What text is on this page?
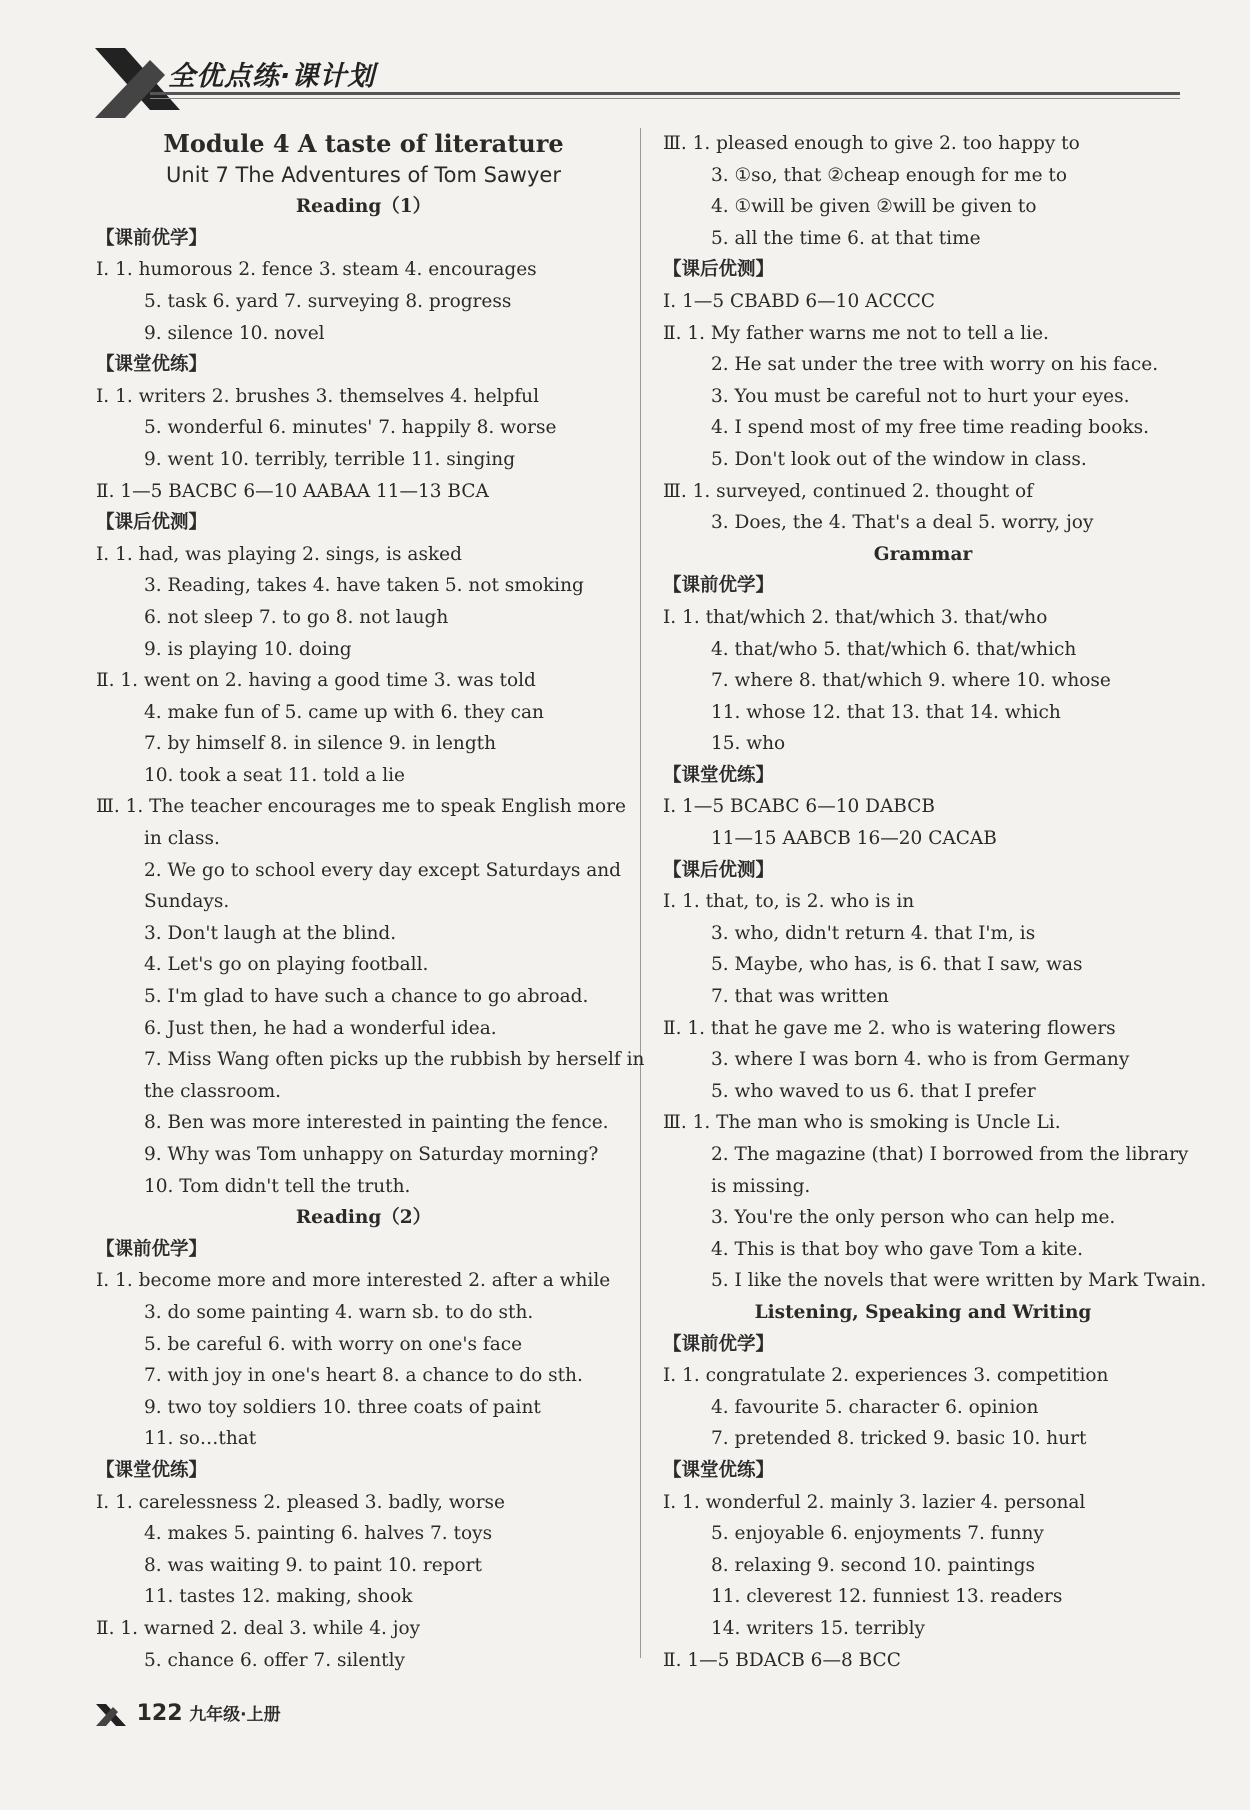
全优点练·课计划
Module 4 A taste of literature
Unit 7 The Adventures of Tom Sawyer
Reading（1）
【课前优学】
Ⅰ. 1. humorous 2. fence 3. steam 4. encourages
5. task 6. yard 7. surveying 8. progress
9. silence 10. novel
【课堂优练】
Ⅰ. 1. writers 2. brushes 3. themselves 4. helpful
5. wonderful 6. minutes' 7. happily 8. worse
9. went 10. terribly, terrible 11. singing
Ⅱ. 1—5 BACBC 6—10 AABAA 11—13 BCA
【课后优测】
Ⅰ. 1. had, was playing 2. sings, is asked
3. Reading, takes 4. have taken 5. not smoking
6. not sleep 7. to go 8. not laugh
9. is playing 10. doing
Ⅱ. 1. went on 2. having a good time 3. was told
4. make fun of 5. came up with 6. they can
7. by himself 8. in silence 9. in length
10. took a seat 11. told a lie
Ⅲ. 1. The teacher encourages me to speak English more
in class.
2. We go to school every day except Saturdays and
Sundays.
3. Don't laugh at the blind.
4. Let's go on playing football.
5. I'm glad to have such a chance to go abroad.
6. Just then, he had a wonderful idea.
7. Miss Wang often picks up the rubbish by herself in
the classroom.
8. Ben was more interested in painting the fence.
9. Why was Tom unhappy on Saturday morning?
10. Tom didn't tell the truth.
Reading（2）
【课前优学】
Ⅰ. 1. become more and more interested 2. after a while
3. do some painting 4. warn sb. to do sth.
5. be careful 6. with worry on one's face
7. with joy in one's heart 8. a chance to do sth.
9. two toy soldiers 10. three coats of paint
11. so…that
【课堂优练】
Ⅰ. 1. carelessness 2. pleased 3. badly, worse
4. makes 5. painting 6. halves 7. toys
8. was waiting 9. to paint 10. report
11. tastes 12. making, shook
Ⅱ. 1. warned 2. deal 3. while 4. joy
5. chance 6. offer 7. silently
Ⅲ. 1. pleased enough to give 2. too happy to
3. ①so, that ②cheap enough for me to
4. ①will be given ②will be given to
5. all the time 6. at that time
【课后优测】
Ⅰ. 1—5 CBABD 6—10 ACCCC
Ⅱ. 1. My father warns me not to tell a lie.
2. He sat under the tree with worry on his face.
3. You must be careful not to hurt your eyes.
4. I spend most of my free time reading books.
5. Don't look out of the window in class.
Ⅲ. 1. surveyed, continued 2. thought of
3. Does, the 4. That's a deal 5. worry, joy
Grammar
【课前优学】
Ⅰ. 1. that/which 2. that/which 3. that/who
4. that/who 5. that/which 6. that/which
7. where 8. that/which 9. where 10. whose
11. whose 12. that 13. that 14. which
15. who
【课堂优练】
Ⅰ. 1—5 BCABC 6—10 DABCB
11—15 AABCB 16—20 CACAB
【课后优测】
Ⅰ. 1. that, to, is 2. who is in
3. who, didn't return 4. that I'm, is
5. Maybe, who has, is 6. that I saw, was
7. that was written
Ⅱ. 1. that he gave me 2. who is watering flowers
3. where I was born 4. who is from Germany
5. who waved to us 6. that I prefer
Ⅲ. 1. The man who is smoking is Uncle Li.
2. The magazine (that) I borrowed from the library
is missing.
3. You're the only person who can help me.
4. This is that boy who gave Tom a kite.
5. I like the novels that were written by Mark Twain.
Listening, Speaking and Writing
【课前优学】
Ⅰ. 1. congratulate 2. experiences 3. competition
4. favourite 5. character 6. opinion
7. pretended 8. tricked 9. basic 10. hurt
【课堂优练】
Ⅰ. 1. wonderful 2. mainly 3. lazier 4. personal
5. enjoyable 6. enjoyments 7. funny
8. relaxing 9. second 10. paintings
11. cleverest 12. funniest 13. readers
14. writers 15. terribly
Ⅱ. 1—5 BDACB 6—8 BCC
122 九年级·上册
